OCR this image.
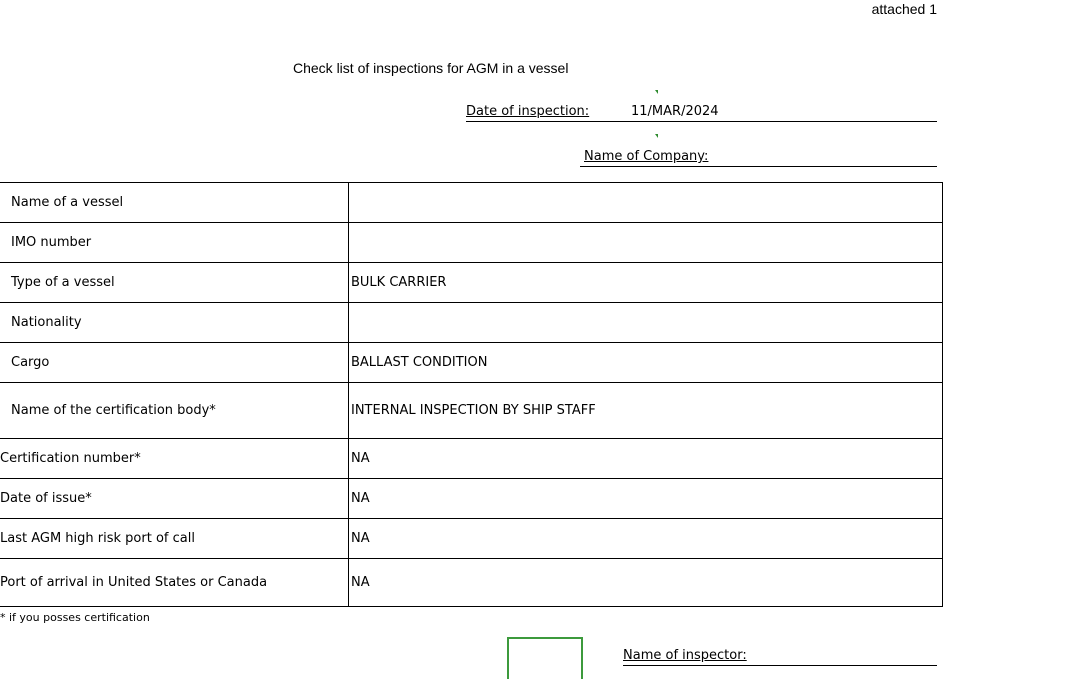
attached 1
Check list of inspections for AGM in a vessel
Date of inspection:	11/MAR/2024
Name of Company:
Name of a vessel	
IMO number	
Type of a vessel	BULK CARRIER
Nationality	
Cargo	BALLAST CONDITION
Name of the certification body*	INTERNAL INSPECTION BY SHIP STAFF
Certification number*	NA
Date of issue*	NA
Last AGM high risk port of call	NA
Port of arrival in United States or Canada	NA
* if you posses certification
Name of inspector:
